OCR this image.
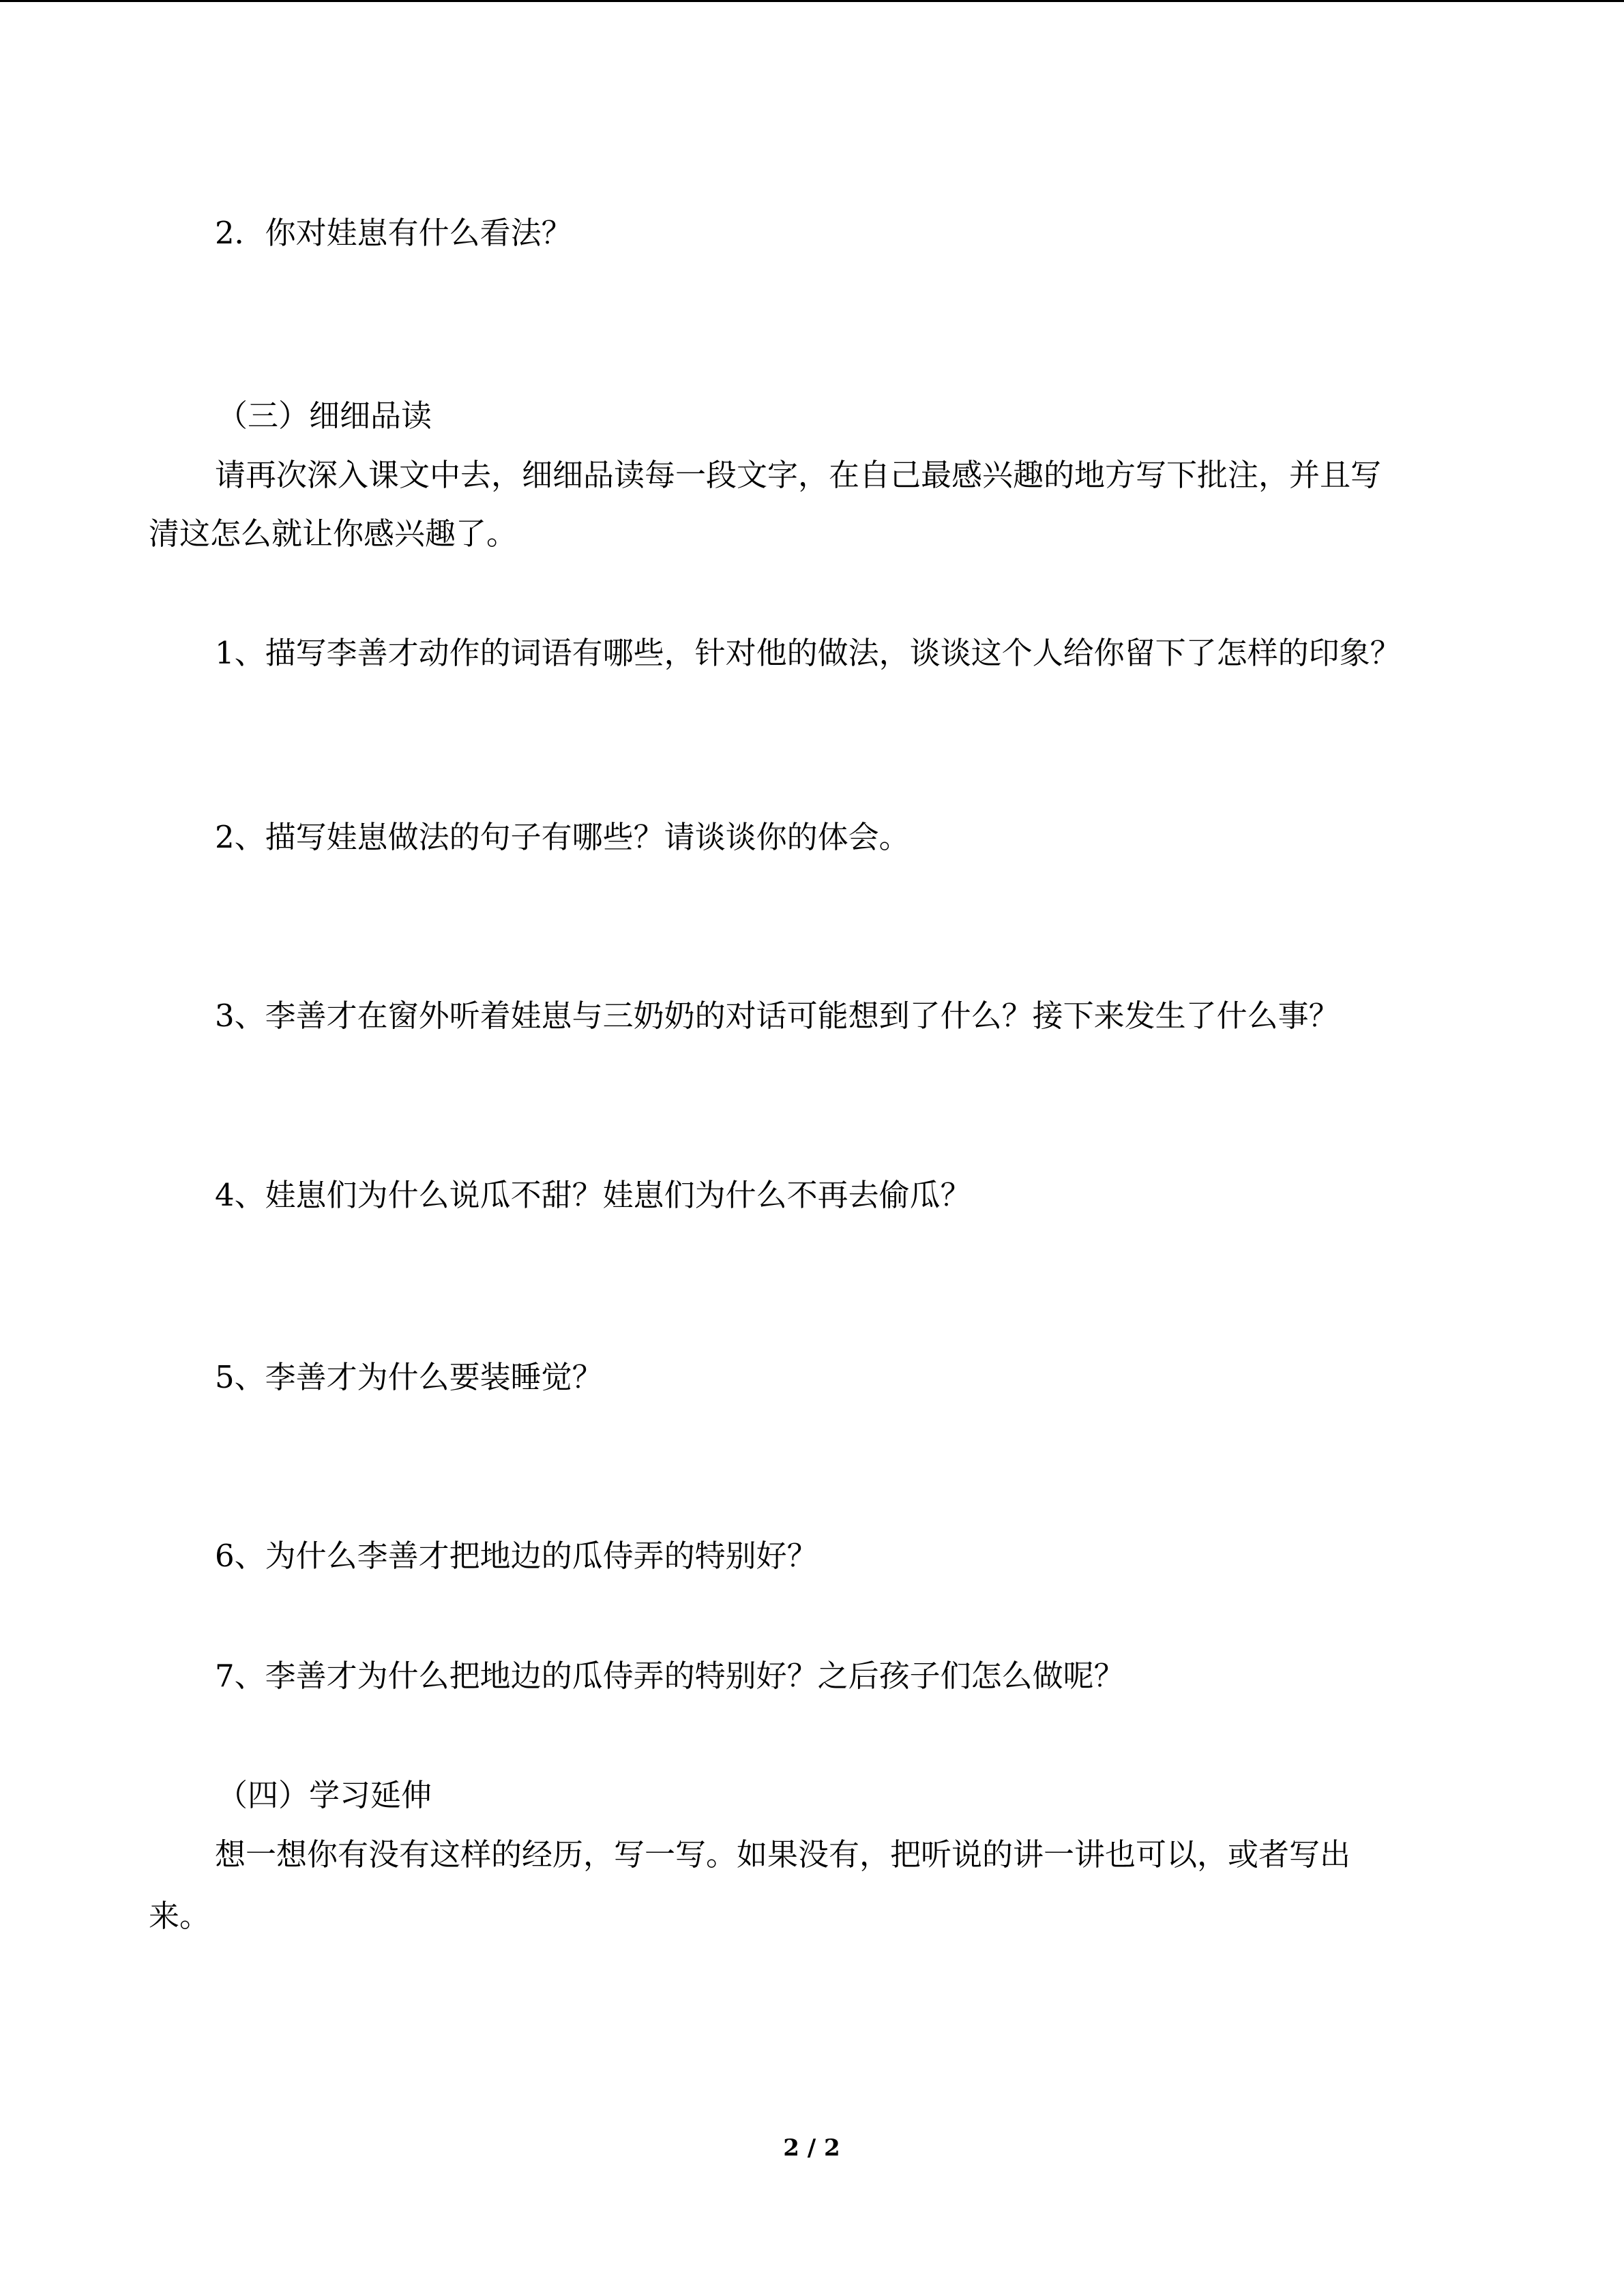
2．你对娃崽有什么看法？

（三）细细品读

请再次深入课文中去，细细品读每一段文字，在自己最感兴趣的地方写下批注，并且写

清这怎么就让你感兴趣了。

1、描写李善才动作的词语有哪些，针对他的做法，谈谈这个人给你留下了怎样的印象？

2、描写娃崽做法的句子有哪些？请谈谈你的体会。

3、李善才在窗外听着娃崽与三奶奶的对话可能想到了什么？接下来发生了什么事？

4、娃崽们为什么说瓜不甜？娃崽们为什么不再去偷瓜？

5、李善才为什么要装睡觉？

6、为什么李善才把地边的瓜侍弄的特别好？

7、李善才为什么把地边的瓜侍弄的特别好？之后孩子们怎么做呢？

（四）学习延伸

想一想你有没有这样的经历，写一写。如果没有，把听说的讲一讲也可以，或者写出

来。

2 / 2
